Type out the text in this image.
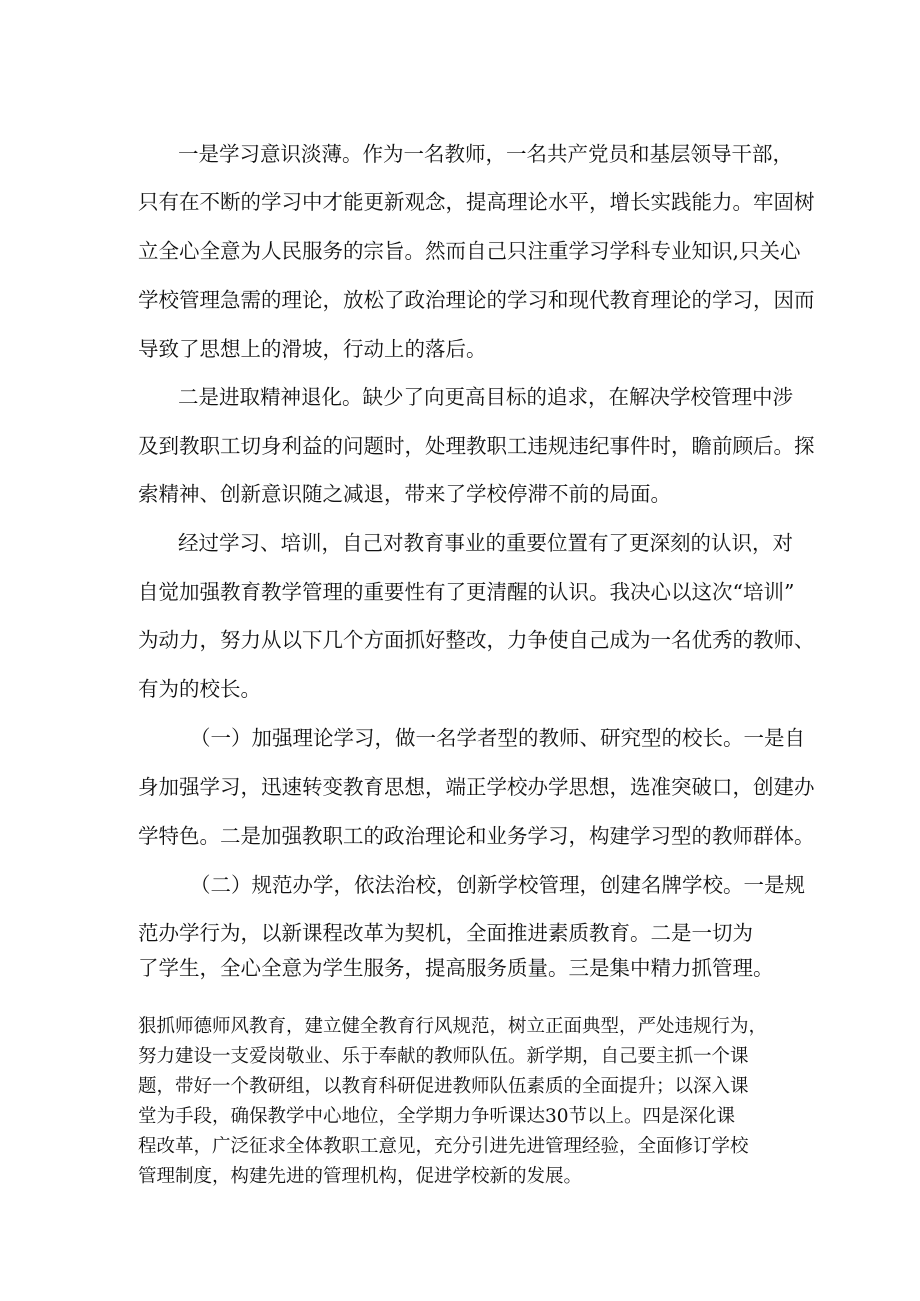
一是学习意识淡薄。作为一名教师，一名共产党员和基层领导干部，
只有在不断的学习中才能更新观念，提高理论水平，增长实践能力。牢固树
立全心全意为人民服务的宗旨。然而自己只注重学习学科专业知识,只关心
学校管理急需的理论，放松了政治理论的学习和现代教育理论的学习，因而
导致了思想上的滑坡，行动上的落后。
二是进取精神退化。缺少了向更高目标的追求，在解决学校管理中涉
及到教职工切身利益的问题时，处理教职工违规违纪事件时，瞻前顾后。探
索精神、创新意识随之减退，带来了学校停滞不前的局面。
经过学习、培训，自己对教育事业的重要位置有了更深刻的认识，对
自觉加强教育教学管理的重要性有了更清醒的认识。我决心以这次“培训”
为动力，努力从以下几个方面抓好整改，力争使自己成为一名优秀的教师、
有为的校长。
（一）加强理论学习，做一名学者型的教师、研究型的校长。一是自
身加强学习，迅速转变教育思想，端正学校办学思想，选准突破口，创建办
学特色。二是加强教职工的政治理论和业务学习，构建学习型的教师群体。
（二）规范办学，依法治校，创新学校管理，创建名牌学校。一是规
范办学行为，以新课程改革为契机，全面推进素质教育。二是一切为
了学生，全心全意为学生服务，提高服务质量。三是集中精力抓管理。
狠抓师德师风教育，建立健全教育行风规范，树立正面典型，严处违规行为，
努力建设一支爱岗敬业、乐于奉献的教师队伍。新学期，自己要主抓一个课
题，带好一个教研组，以教育科研促进教师队伍素质的全面提升；以深入课
堂为手段，确保教学中心地位，全学期力争听课达30节以上。四是深化课
程改革，广泛征求全体教职工意见，充分引进先进管理经验，全面修订学校
管理制度，构建先进的管理机构，促进学校新的发展。
